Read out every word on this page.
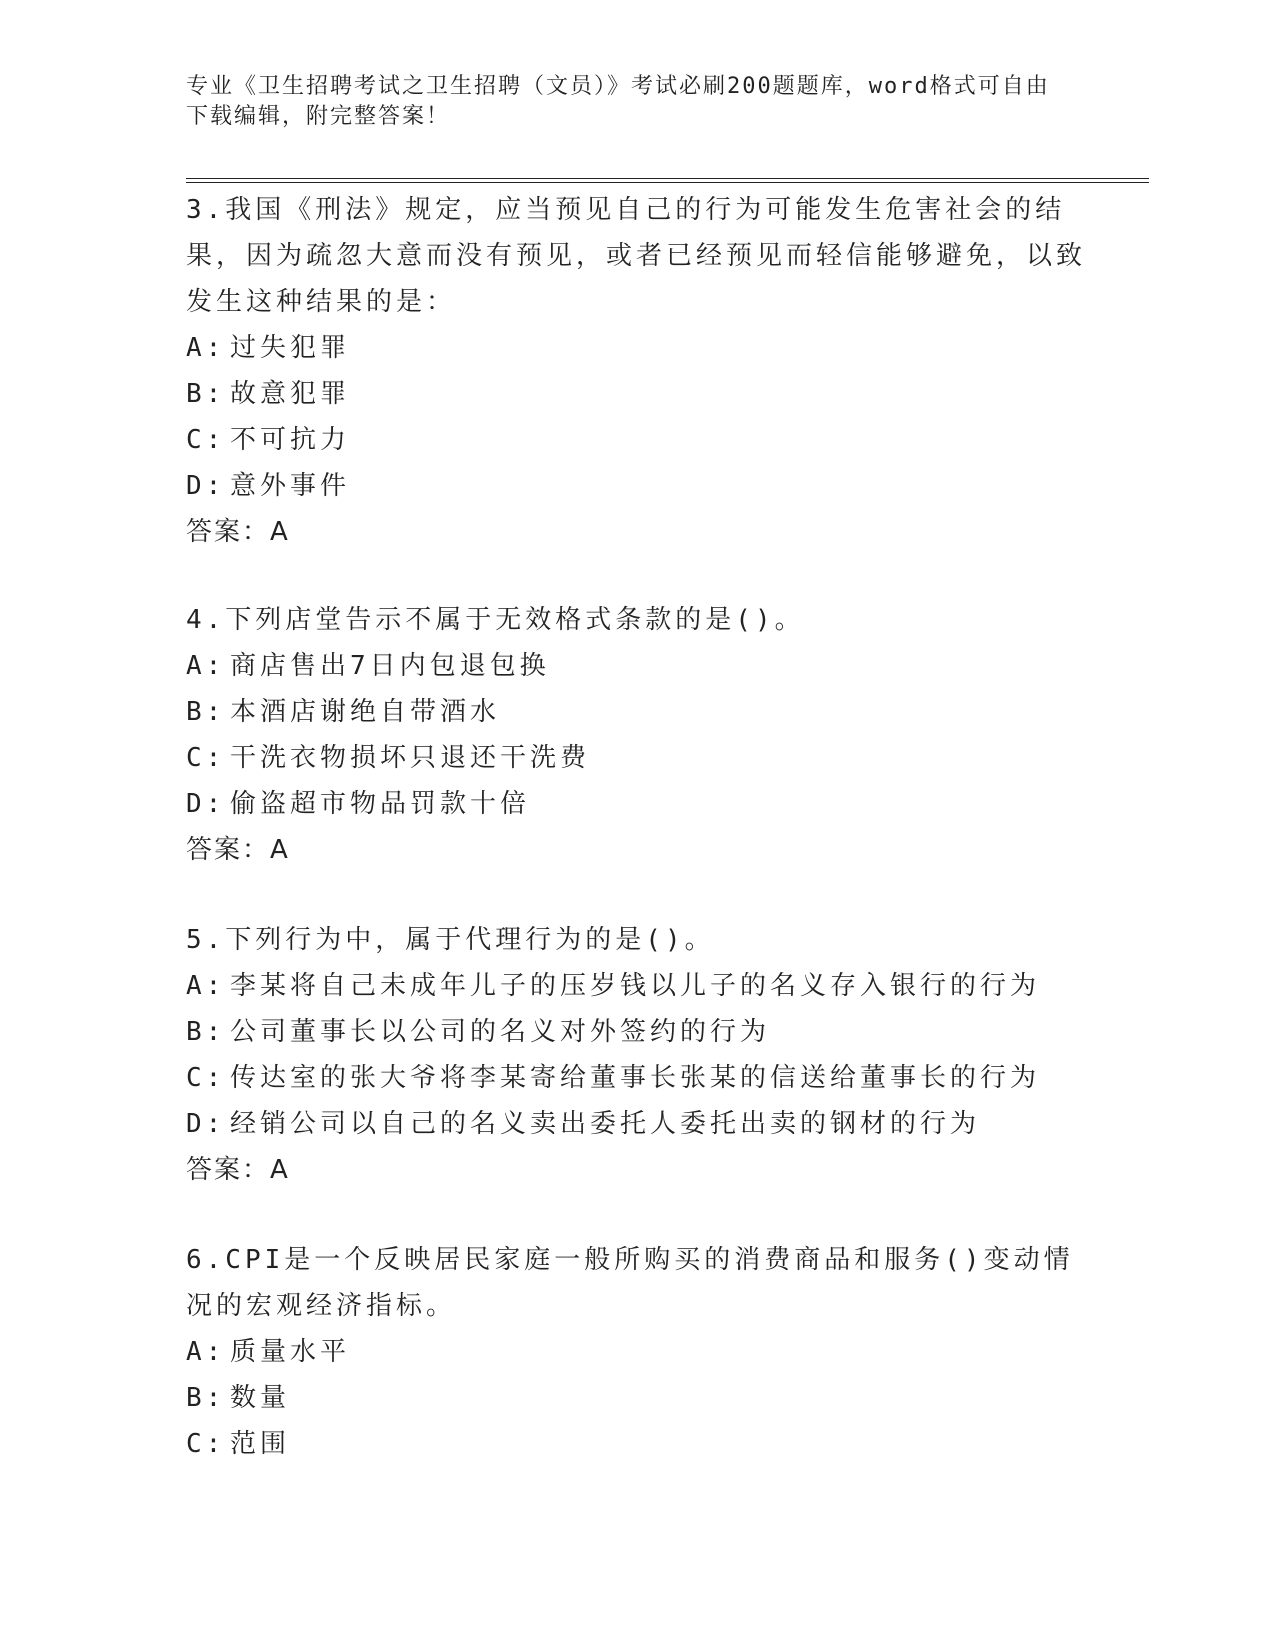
专业《卫生招聘考试之卫生招聘（文员）》考试必刷200题题库，word格式可自由下载编辑，附完整答案！
3.我国《刑法》规定，应当预见自己的行为可能发生危害社会的结果，因为疏忽大意而没有预见，或者已经预见而轻信能够避免，以致发生这种结果的是：
A: 过失犯罪
B: 故意犯罪
C: 不可抗力
D: 意外事件
答案：A
4.下列店堂告示不属于无效格式条款的是()。
A: 商店售出7日内包退包换
B: 本酒店谢绝自带酒水
C: 干洗衣物损坏只退还干洗费
D: 偷盗超市物品罚款十倍
答案：A
5.下列行为中，属于代理行为的是()。
A: 李某将自己未成年儿子的压岁钱以儿子的名义存入银行的行为
B: 公司董事长以公司的名义对外签约的行为
C: 传达室的张大爷将李某寄给董事长张某的信送给董事长的行为
D: 经销公司以自己的名义卖出委托人委托出卖的钢材的行为
答案：A
6.CPI是一个反映居民家庭一般所购买的消费商品和服务()变动情况的宏观经济指标。
A: 质量水平
B: 数量
C: 范围
